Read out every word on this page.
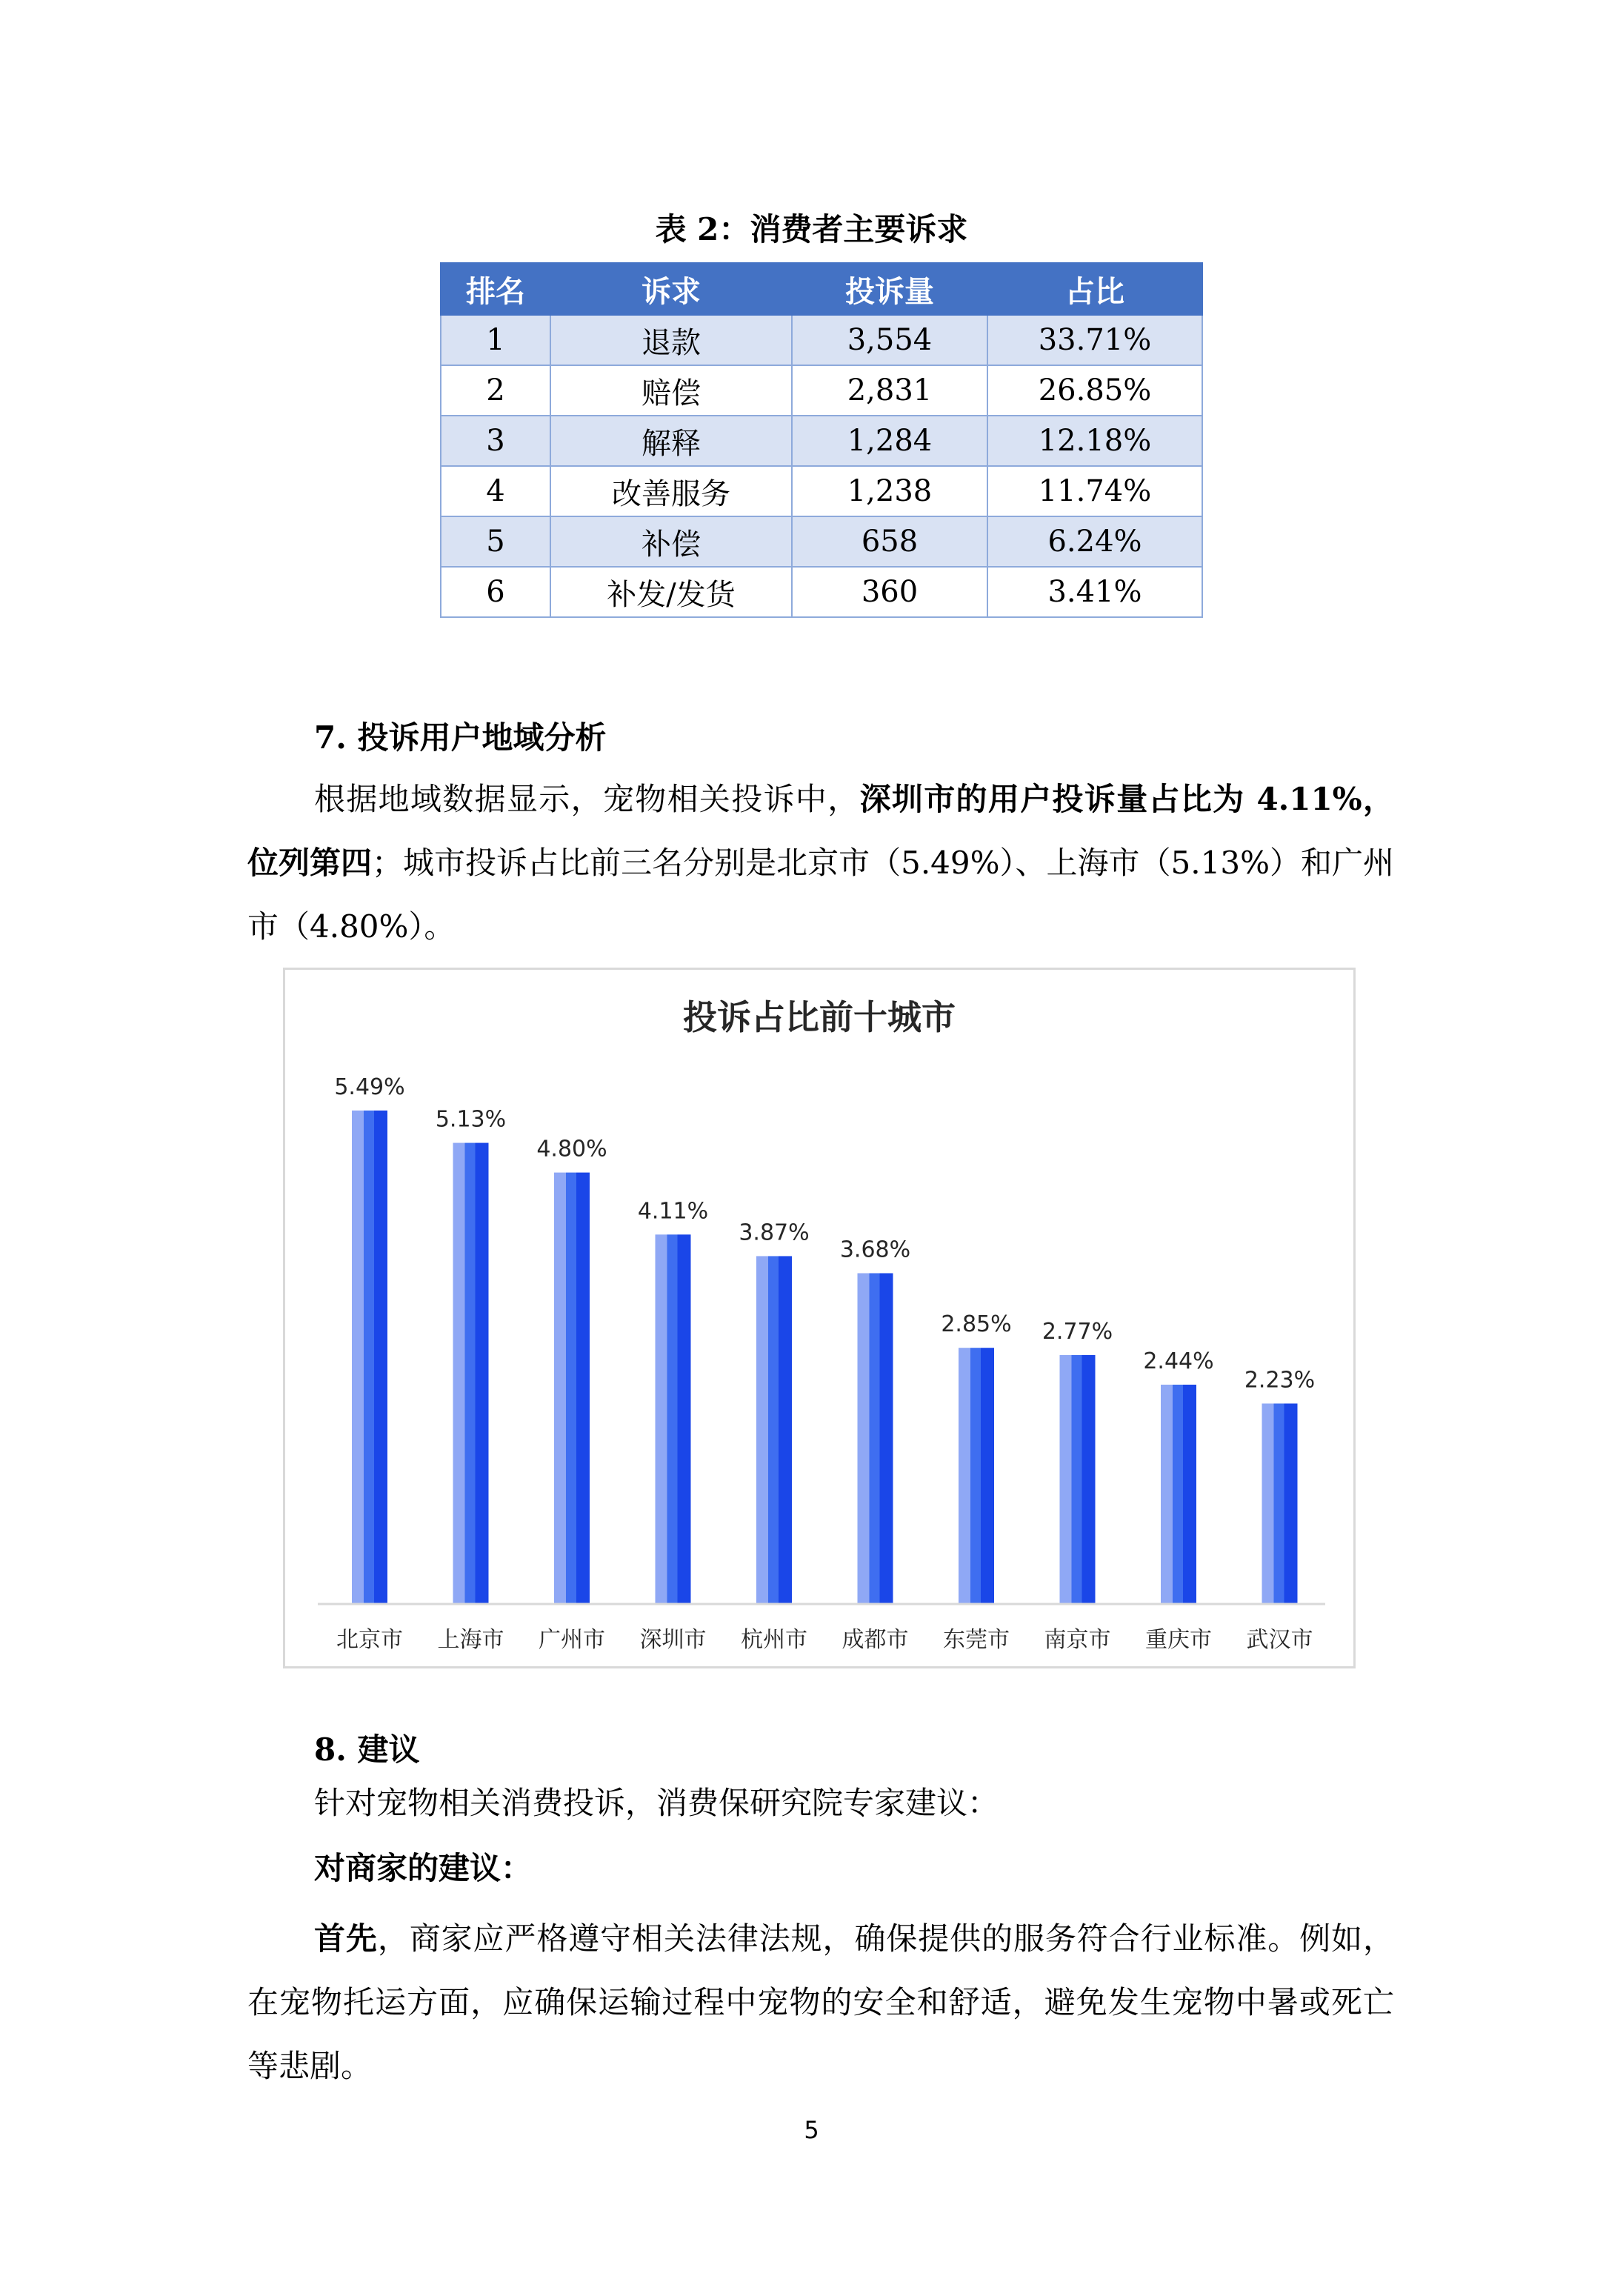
表 2：消费者主要诉求
排名	诉求	投诉量	占比
1	退款	3,554	33.71%
2	赔偿	2,831	26.85%
3	解释	1,284	12.18%
4	改善服务	1,238	11.74%
5	补偿	658	6.24%
6	补发/发货	360	3.41%
7. 投诉用户地域分析
根据地域数据显示，宠物相关投诉中，深圳市的用户投诉量占比为 4.11%，位列第四；城市投诉占比前三名分别是北京市（5.49%）、上海市（5.13%）和广州市（4.80%）。
投诉占比前十城市
北京市 上海市 广州市 深圳市 杭州市 成都市 东莞市 南京市 重庆市 武汉市
5.49%
5.13%
4.80%
4.11%
3.87%
3.68%
2.85% 2.77%
2.44%
2.23%
8. 建议
针对宠物相关消费投诉，消费保研究院专家建议：
对商家的建议：
首先，商家应严格遵守相关法律法规，确保提供的服务符合行业标准。例如，在宠物托运方面，应确保运输过程中宠物的安全和舒适，避免发生宠物中暑或死亡等悲剧。
5
